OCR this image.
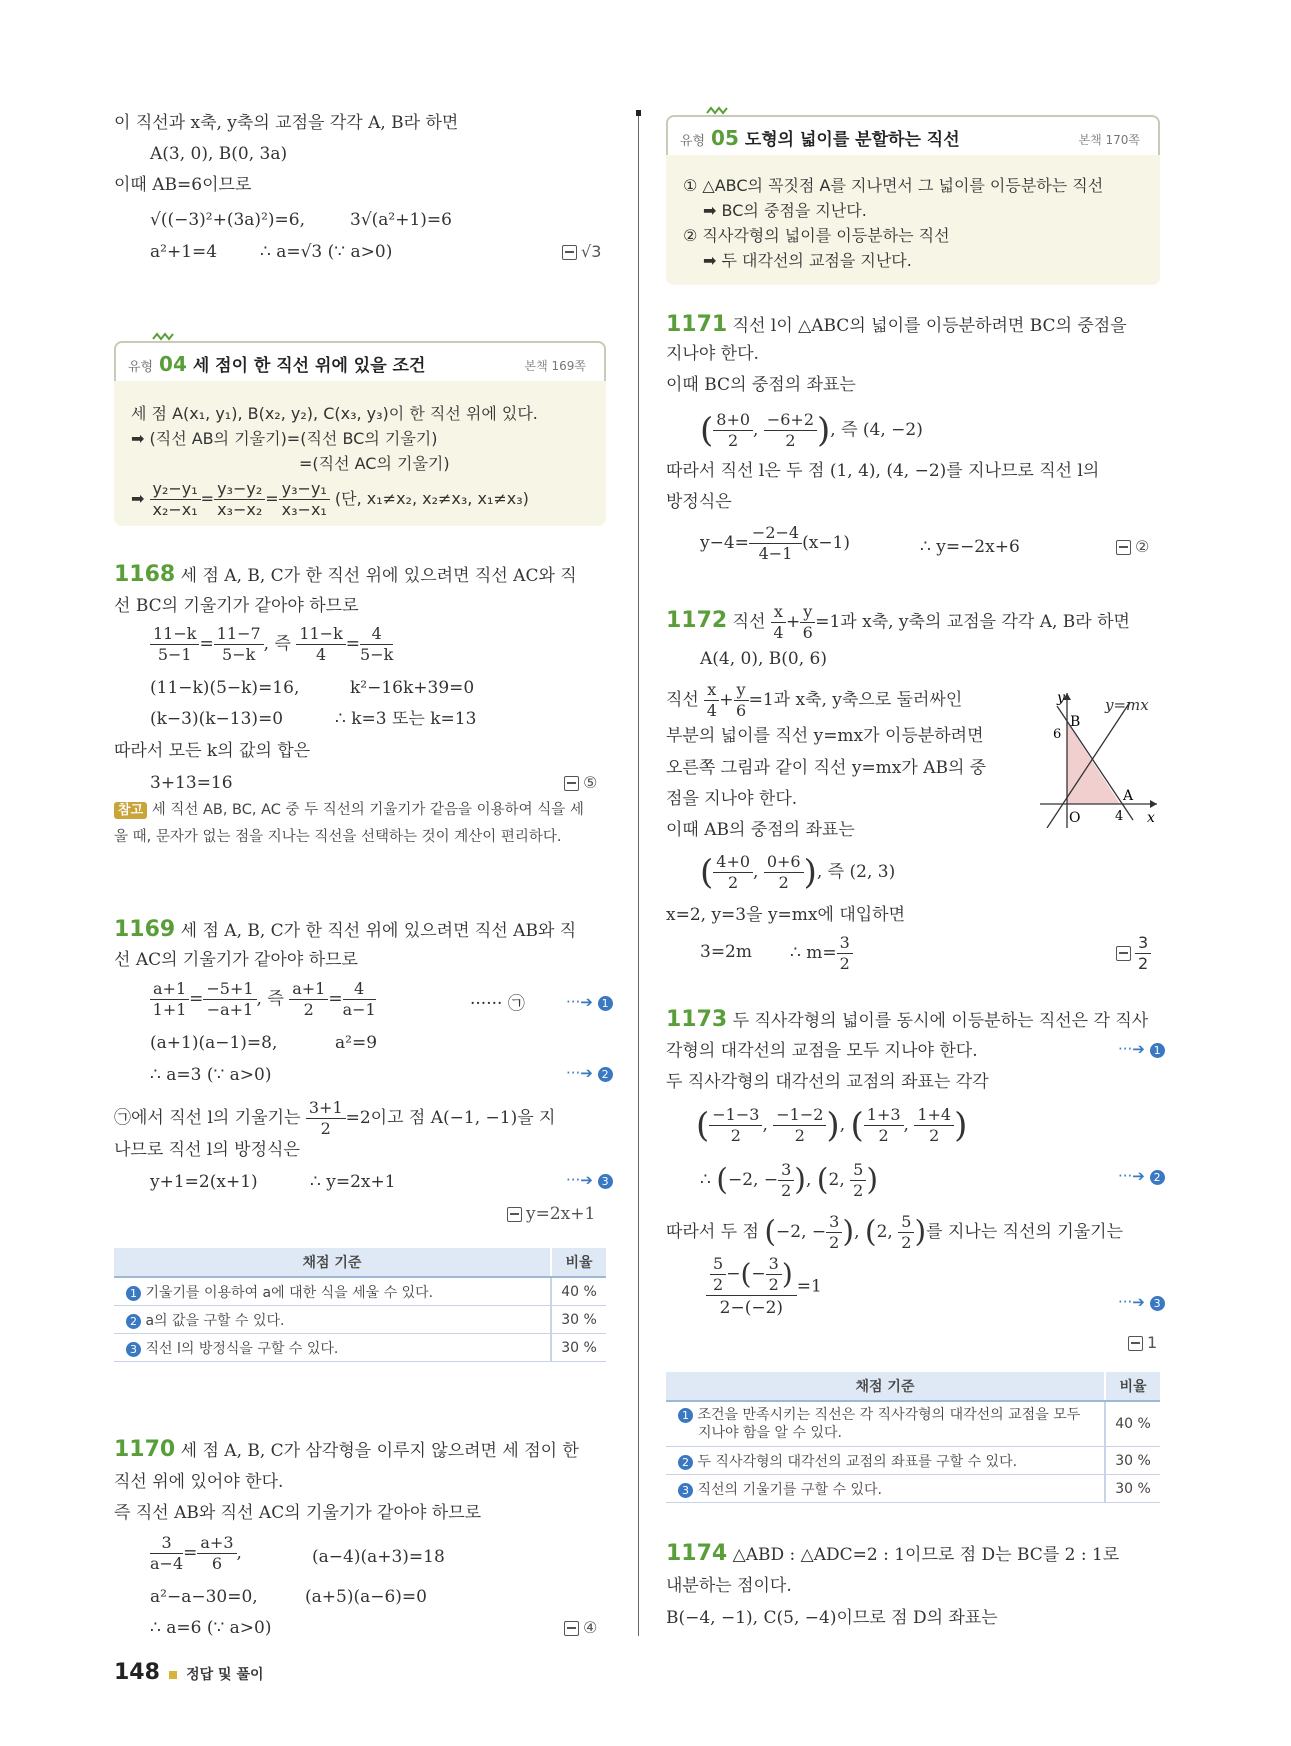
이 직선과 x축, y축의 교점을 각각 A, B라 하면
A(3, 0), B(0, 3a)
이때 AB=6이므로
√((−3)²+(3a)²)=6,	3√(a²+1)=6
a²+1=4	∴ a=√3 (∵ a>0)	√3
유형 04 세 점이 한 직선 위에 있을 조건	본책 169쪽
세 점 A(x₁, y₁), B(x₂, y₂), C(x₃, y₃)이 한 직선 위에 있다.
➡ (직선 AB의 기울기)=(직선 BC의 기울기)
=(직선 AC의 기울기)
➡ $\frac{\text{y₂−y₁}}{\text{x₂−x₁}} = \frac{\text{y₃−y₂}}{\text{x₃−x₂}} = \frac{\text{y₃−y₁}}{\text{x₃−x₁}}$ (단, x₁≠x₂, x₂≠x₃, x₁≠x₃)
1168 세 점 A, B, C가 한 직선 위에 있으려면 직선 AC와 직
선 BC의 기울기가 같아야 하므로
$\frac{11-k}{5-1} = \frac{11-7}{5-k}$ , 즉 $\frac{11-k}{4} = \frac{4}{5-k}$
(11−k)(5−k)=16,	k²−16k+39=0
(k−3)(k−13)=0	∴ k=3 또는 k=13
따라서 모든 k의 값의 합은
3+13=16	⑤
참고 세 직선 AB, BC, AC 중 두 직선의 기울기가 같음을 이용하여 식을 세
울 때, 문자가 없는 점을 지나는 직선을 선택하는 것이 계산이 편리하다.
1169 세 점 A, B, C가 한 직선 위에 있으려면 직선 AB와 직
선 AC의 기울기가 같아야 하므로
$\frac{a+1}{1+1} = \frac{-5+1}{-a+1}$ , 즉 $\frac{a+1}{2} = \frac{4}{a-1}$	······ ㉠	···➔ 1
(a+1)(a−1)=8,	a²=9
∴ a=3 (∵ a>0)	···➔ 2
㉠에서 직선 l의 기울기는 $\frac{3+1}{2} =2$이고 점 A(−1, −1)을 지
나므로 직선 l의 방정식은
y+1=2(x+1)	∴ y=2x+1	···➔ 3
y=2x+1
채점 기준	비율
1 기울기를 이용하여 a에 대한 식을 세울 수 있다.	40 %
2 a의 값을 구할 수 있다.	30 %
3 직선 l의 방정식을 구할 수 있다.	30 %
1170 세 점 A, B, C가 삼각형을 이루지 않으려면 세 점이 한
직선 위에 있어야 한다.
즉 직선 AB와 직선 AC의 기울기가 같아야 하므로
$\frac{3}{a-4} = \frac{a+3}{6}$ ,	(a−4)(a+3)=18
a²−a−30=0,	(a+5)(a−6)=0
∴ a=6 (∵ a>0)	④
148 정답 및 풀이
유형 05 도형의 넓이를 분할하는 직선	본책 170쪽
① △ABC의 꼭짓점 A를 지나면서 그 넓이를 이등분하는 직선
➡ BC의 중점을 지난다.
② 직사각형의 넓이를 이등분하는 직선
➡ 두 대각선의 교점을 지난다.
1171 직선 l이 △ABC의 넓이를 이등분하려면 BC의 중점을
지나야 한다.
이때 BC의 중점의 좌표는
( $\frac{8+0}{2}$ , $\frac{-6+2}{2}$ ), 즉 (4, −2)
따라서 직선 l은 두 점 (1, 4), (4, −2)를 지나므로 직선 l의
방정식은
$y-4= \frac{-2-4}{4-1} (x-1)$	∴ y=−2x+6	②
1172 직선 $\frac{x}{4} + \frac{y}{6} =1$과 x축, y축의 교점을 각각 A, B라 하면
A(4, 0), B(0, 6)
직선 $\frac{x}{4} + \frac{y}{6} =1$과 x축, y축으로 둘러싸인
부분의 넓이를 직선 y=mx가 이등분하려면
오른쪽 그림과 같이 직선 y=mx가 AB의 중
점을 지나야 한다.
이때 AB의 중점의 좌표는
( $\frac{4+0}{2}$ , $\frac{0+6}{2}$ ), 즉 (2, 3)
x=2, y=3을 y=mx에 대입하면
3=2m ∴ $m= \frac{3}{2}$	$\frac{3}{2}$
y
x
O
B
A
6
4
y=mx
1173 두 직사각형의 넓이를 동시에 이등분하는 직선은 각 직사
각형의 대각선의 교점을 모두 지나야 한다.	···➔ 1
두 직사각형의 대각선의 교점의 좌표는 각각
( $\frac{-1-3}{2}$ , $\frac{-1-2}{2}$ ), ( $\frac{1+3}{2}$ , $\frac{1+4}{2}$ )
∴ (−2, − $\frac{3}{2}$ ), (2, $\frac{5}{2}$ )	···➔ 2
따라서 두 점 (−2, − $\frac{3}{2}$ ), (2, $\frac{5}{2}$ )를 지나는 직선의 기울기는
$\frac{\frac{5}{2} -(- \frac{3}{2} )}{2-(-2)} =1$
···➔ 3
1
채점 기준	비율
1 조건을 만족시키는 직선은 각 직사각형의 대각선의 교점을 모두
지나야 함을 알 수 있다.	40 %
2 두 직사각형의 대각선의 교점의 좌표를 구할 수 있다.	30 %
3 직선의 기울기를 구할 수 있다.	30 %
1174 △ABD : △ADC=2 : 1이므로 점 D는 BC를 2 : 1로
내분하는 점이다.
B(−4, −1), C(5, −4)이므로 점 D의 좌표는
